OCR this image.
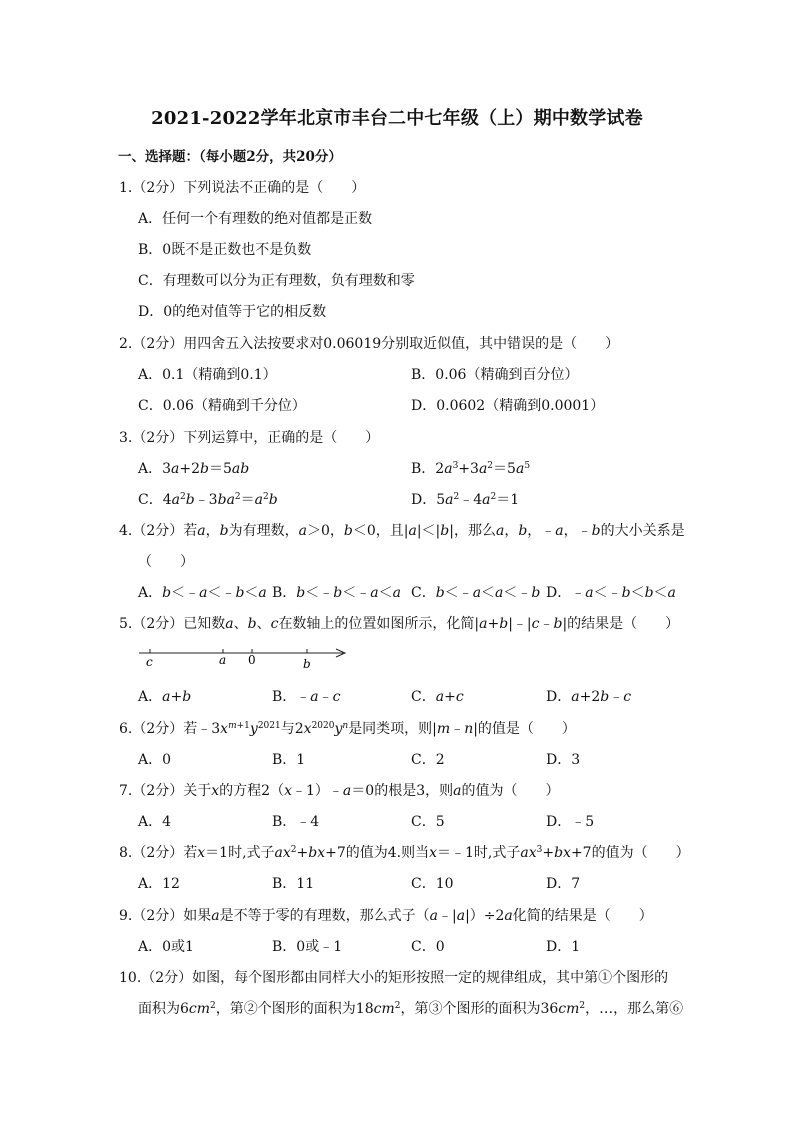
2021-2022学年北京市丰台二中七年级（上）期中数学试卷
一、选择题：（每小题2分，共20分）
1.（2分）下列说法不正确的是（　　）
A．任何一个有理数的绝对值都是正数
B．0既不是正数也不是负数
C．有理数可以分为正有理数，负有理数和零
D．0的绝对值等于它的相反数
2.（2分）用四舍五入法按要求对0.06019分别取近似值，其中错误的是（　　）
A．0.1（精确到0.1）	B．0.06（精确到百分位）
C．0.06（精确到千分位）	D．0.0602（精确到0.0001）
3.（2分）下列运算中，正确的是（　　）
A．3a+2b＝5ab	B．$2a^3+3a^2=5a^5$
C．$4a^2b﹣3ba^2=a^2b$	D．$5a^2﹣4a^2=1$
4.（2分）若a，b为有理数，a＞0，b＜0，且|a|＜|b|，那么a，b，﹣a，﹣b的大小关系是
（　　）
A．b＜﹣a＜﹣b＜a B．b＜﹣b＜﹣a＜a C．b＜﹣a＜a＜﹣b D．﹣a＜﹣b＜b＜a
5.（2分）已知数a、b、c在数轴上的位置如图所示，化简|a+b|﹣|c﹣b|的结果是（　　）
c	a 0	b
A．a+b	B．﹣a﹣c	C．a+c	D．a+2b﹣c
6.（2分）若$﹣3x^{m+1}y^{2021}$与$2x^{2020}y^n$是同类项，则|m﹣n|的值是（　　）
A．0	B．1	C．2	D．3
7.（2分）关于x的方程2（x﹣1）﹣a＝0的根是3，则a的值为（　　）
A．4	B．﹣4	C．5	D．﹣5
8.（2分）若x＝1时,式子$ax^2+bx+7$的值为4.则当x＝﹣1时,式子$ax^3+bx+7$的值为（　　）
A．12	B．11	C．10	D．7
9.（2分）如果a是不等于零的有理数，那么式子（a﹣|a|）÷2a化简的结果是（　　）
A．0或1	B．0或﹣1	C．0	D．1
10.（2分）如图，每个图形都由同样大小的矩形按照一定的规律组成，其中第①个图形的
面积为$6cm^2$，第②个图形的面积为$18cm^2$，第③个图形的面积为$36cm^2$，…，那么第⑥
